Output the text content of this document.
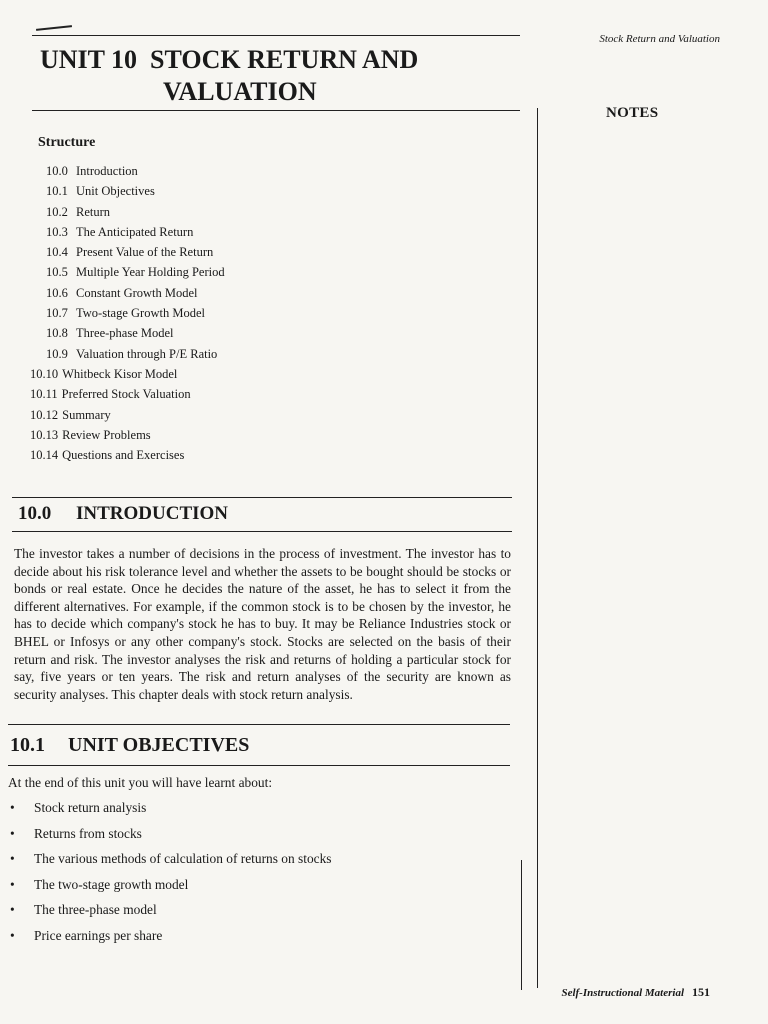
Stock Return and Valuation
NOTES
UNIT 10  STOCK RETURN AND
VALUATION
Structure
10.0 Introduction
10.1 Unit Objectives
10.2 Return
10.3 The Anticipated Return
10.4 Present Value of the Return
10.5 Multiple Year Holding Period
10.6 Constant Growth Model
10.7 Two-stage Growth Model
10.8 Three-phase Model
10.9 Valuation through P/E Ratio
10.10 Whitbeck Kisor Model
10.11 Preferred Stock Valuation
10.12 Summary
10.13 Review Problems
10.14 Questions and Exercises
10.0 INTRODUCTION
The investor takes a number of decisions in the process of investment. The investor has to decide about his risk tolerance level and whether the assets to be bought should be stocks or bonds or real estate. Once he decides the nature of the asset, he has to select it from the different alternatives. For example, if the common stock is to be chosen by the investor, he has to decide which company's stock he has to buy. It may be Reliance Industries stock or BHEL or Infosys or any other company's stock. Stocks are selected on the basis of their return and risk. The investor analyses the risk and returns of holding a particular stock for say, five years or ten years. The risk and return analyses of the security are known as security analyses. This chapter deals with stock return analysis.
10.1 UNIT OBJECTIVES
At the end of this unit you will have learnt about:
• Stock return analysis
• Returns from stocks
• The various methods of calculation of returns on stocks
• The two-stage growth model
• The three-phase model
• Price earnings per share
Self-Instructional Material 151
